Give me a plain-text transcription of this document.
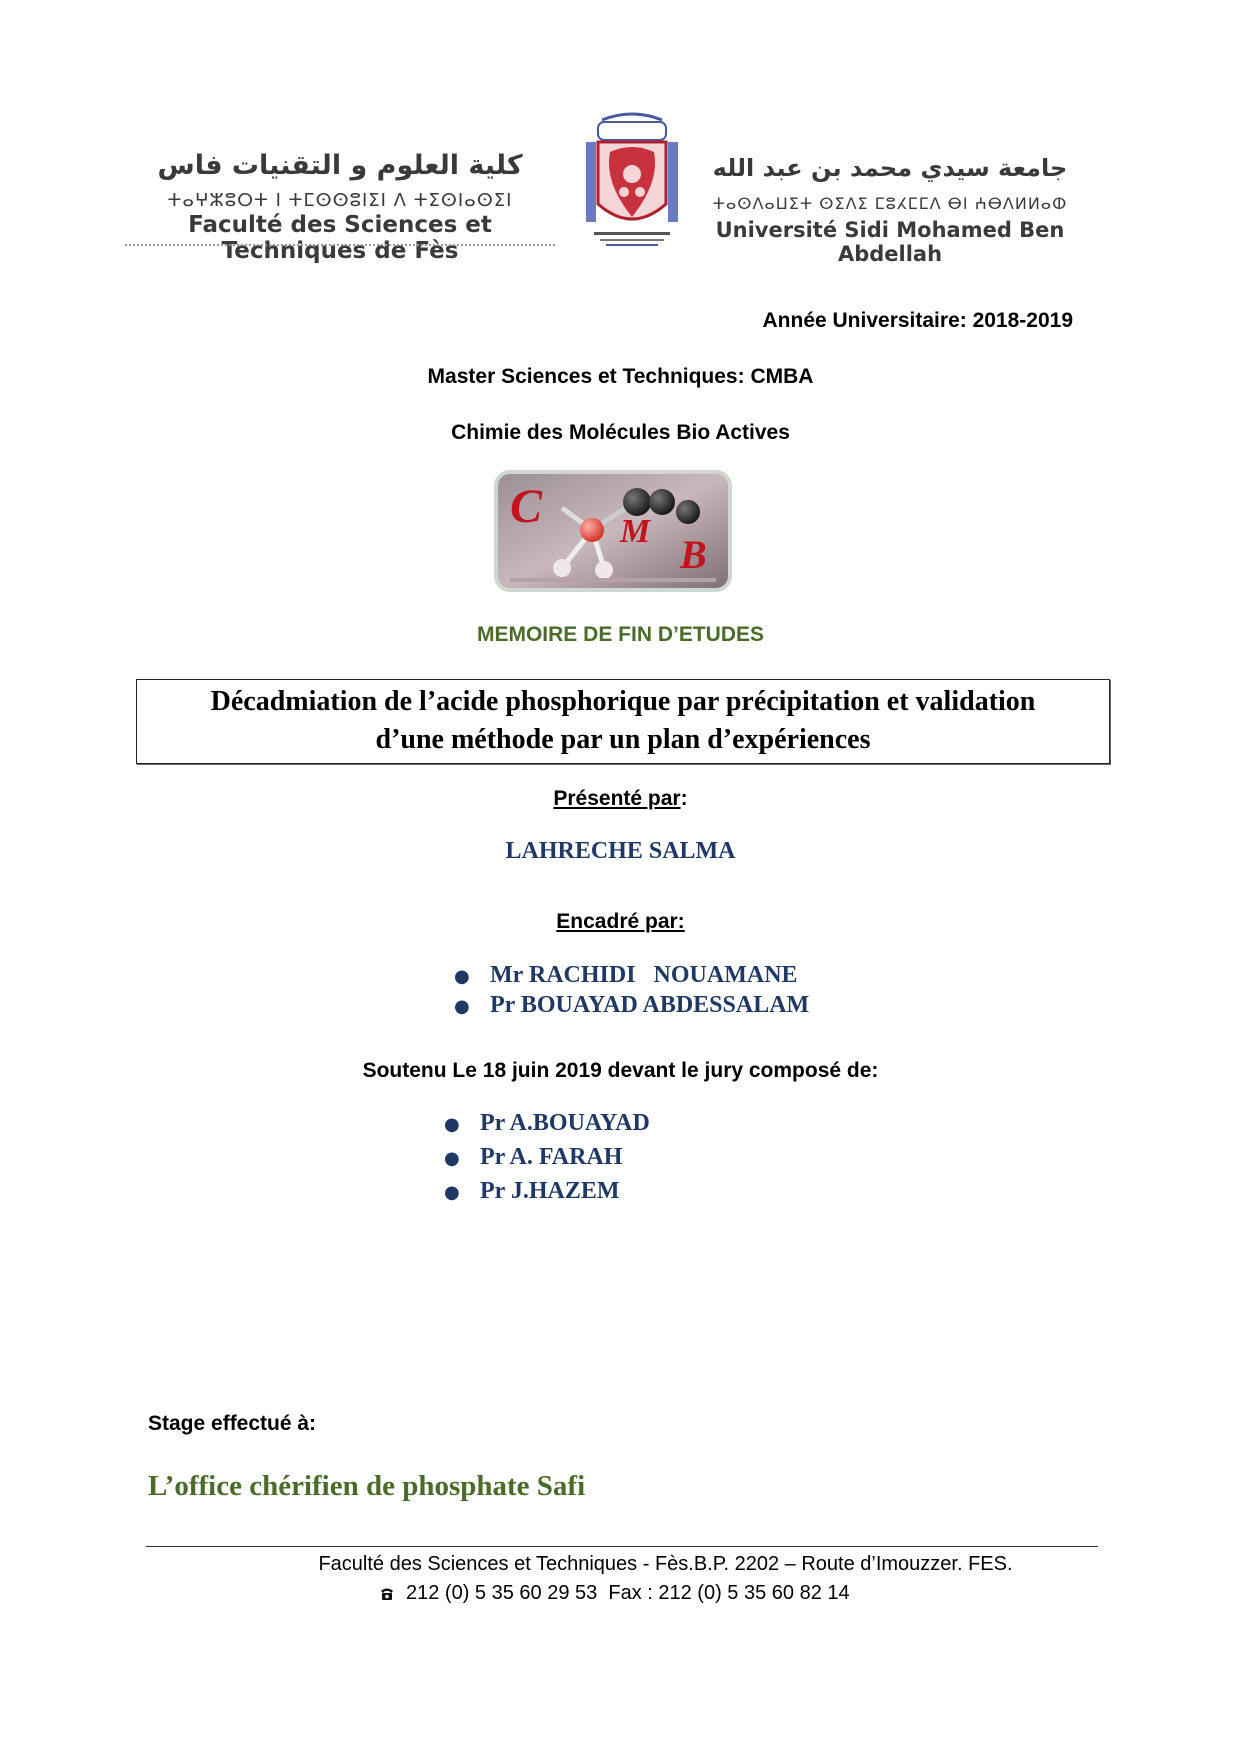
كلية العلوم و التقنيات فاس
ⵜⴰⵖⵣⵓⵔⵜ ⵏ ⵜⵎⵙⵙⵓⵏⵉⵏ ⴷ ⵜⵉⵙⵏⴰⵙⵉⵏ
Faculté des Sciences et Techniques de Fès
جامعة سيدي محمد بن عبد الله
ⵜⴰⵙⴷⴰⵡⵉⵜ ⵙⵉⴷⵉ ⵎⵓⵃⵎⵎⴷ ⴱⵏ ⵄⴱⴷⵍⵍⴰⵀ
Université Sidi Mohamed Ben Abdellah
Année Universitaire: 2018-2019
Master Sciences et Techniques: CMBA
Chimie des Molécules Bio Actives
C M
B
MEMOIRE DE FIN D’ETUDES
Décadmiation de l’acide phosphorique par précipitation et validation
d’une méthode par un plan d’expériences
Présenté par:
LAHRECHE SALMA
Encadré par:
● Mr RACHIDI   NOUAMANE
● Pr BOUAYAD ABDESSALAM
Soutenu Le 18 juin 2019 devant le jury composé de:
● Pr A.BOUAYAD
● Pr A. FARAH
● Pr J.HAZEM
Stage effectué à:
L’office chérifien de phosphate Safi
Faculté des Sciences et Techniques - Fès.B.P. 2202 – Route d’Imouzzer. FES.
212 (0) 5 35 60 29 53  Fax : 212 (0) 5 35 60 82 14
